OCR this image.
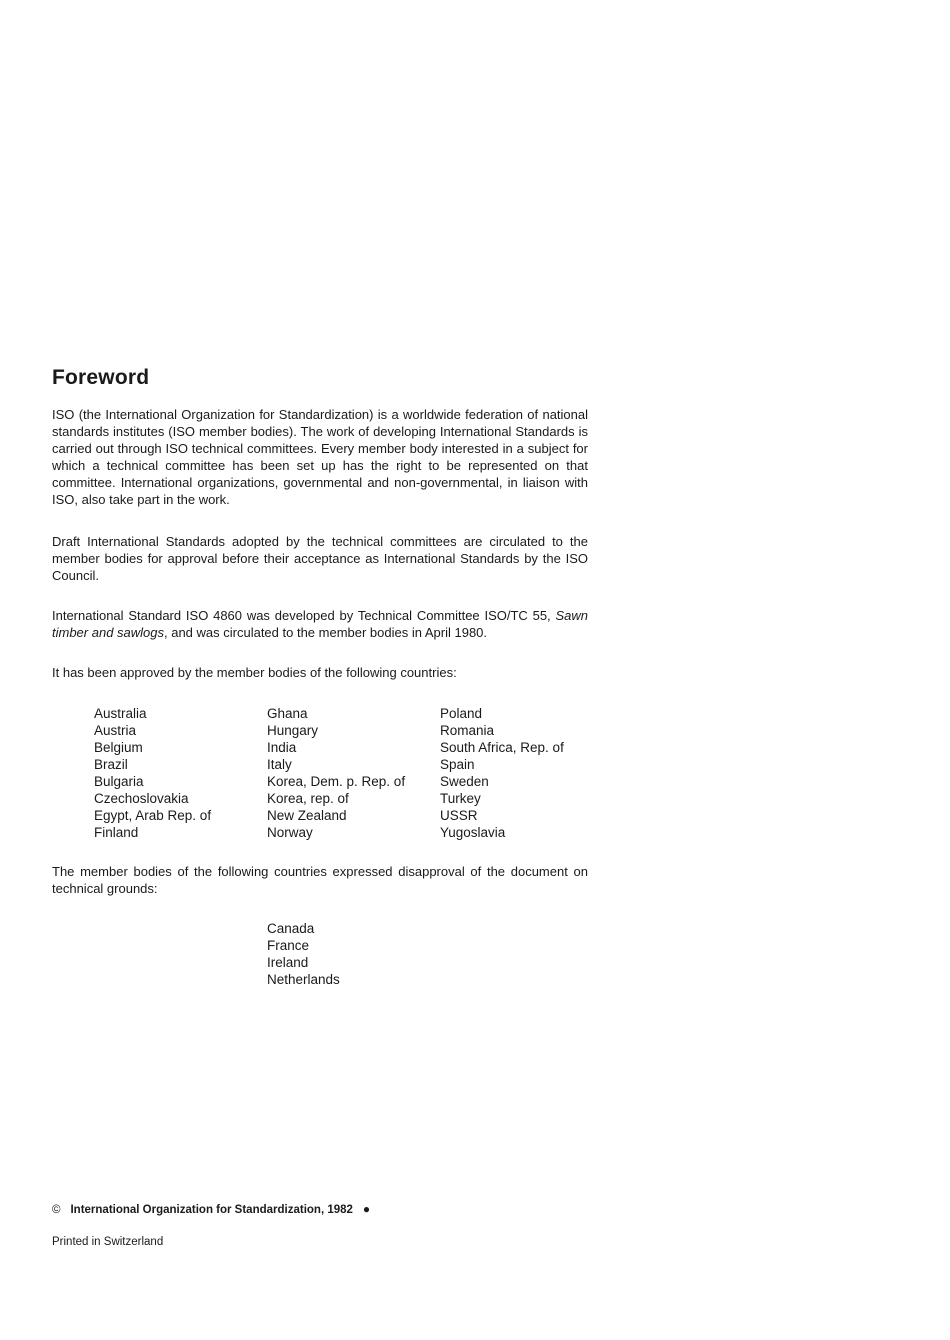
Foreword

ISO (the International Organization for Standardization) is a worldwide federation of national standards institutes (ISO member bodies). The work of developing International Standards is carried out through ISO technical committees. Every member body interested in a subject for which a technical committee has been set up has the right to be represented on that committee. International organizations, governmental and non-governmental, in liaison with ISO, also take part in the work.

Draft International Standards adopted by the technical committees are circulated to the member bodies for approval before their acceptance as International Standards by the ISO Council.

International Standard ISO 4860 was developed by Technical Committee ISO/TC 55, Sawn timber and sawlogs, and was circulated to the member bodies in April 1980.

It has been approved by the member bodies of the following countries:

Australia
Austria
Belgium
Brazil
Bulgaria
Czechoslovakia
Egypt, Arab Rep. of
Finland
Ghana
Hungary
India
Italy
Korea, Dem. p. Rep. of
Korea, rep. of
New Zealand
Norway
Poland
Romania
South Africa, Rep. of
Spain
Sweden
Turkey
USSR
Yugoslavia

The member bodies of the following countries expressed disapproval of the document on technical grounds:

Canada
France
Ireland
Netherlands
© International Organization for Standardization, 1982 ●
Printed in Switzerland
